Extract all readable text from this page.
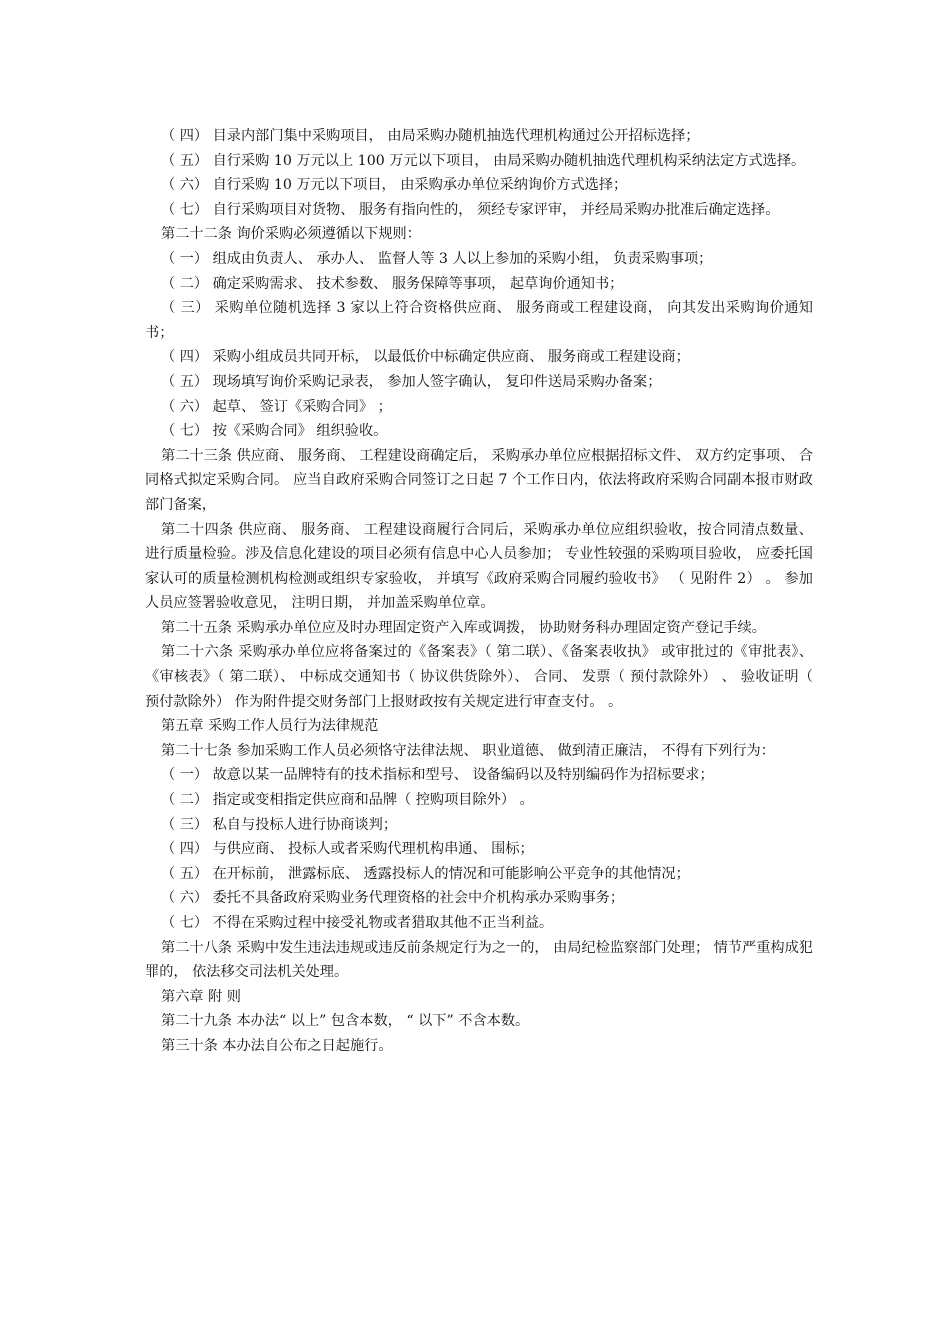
（ 四） 目录内部门集中采购项目， 由局采购办随机抽选代理机构通过公开招标选择；

（ 五） 自行采购 10 万元以上 100 万元以下项目， 由局采购办随机抽选代理机构采纳法定方式选择。

（ 六） 自行采购 10 万元以下项目， 由采购承办单位采纳询价方式选择；

（ 七） 自行采购项目对货物、 服务有指向性的， 须经专家评审， 并经局采购办批准后确定选择。

第二十二条 询价采购必须遵循以下规则：

（ 一） 组成由负责人、 承办人、 监督人等 3 人以上参加的采购小组， 负责采购事项；

（ 二） 确定采购需求、 技术参数、 服务保障等事项， 起草询价通知书；

（ 三） 采购单位随机选择 3 家以上符合资格供应商、 服务商或工程建设商， 向其发出采购询价通知书；

（ 四） 采购小组成员共同开标， 以最低价中标确定供应商、 服务商或工程建设商；

（ 五） 现场填写询价采购记录表， 参加人签字确认， 复印件送局采购办备案；

（ 六） 起草、 签订《采购合同》 ；

（ 七） 按《采购合同》 组织验收。

第二十三条 供应商、 服务商、 工程建设商确定后， 采购承办单位应根据招标文件、 双方约定事项、 合同格式拟定采购合同。 应当自政府采购合同签订之日起 7 个工作日内，依法将政府采购合同副本报市财政部门备案，

第二十四条 供应商、 服务商、 工程建设商履行合同后，采购承办单位应组织验收，按合同清点数量、 进行质量检验。涉及信息化建设的项目必须有信息中心人员参加； 专业性较强的采购项目验收， 应委托国家认可的质量检测机构检测或组织专家验收， 并填写《政府采购合同履约验收书》 （ 见附件 2） 。 参加人员应签署验收意见， 注明日期， 并加盖采购单位章。

第二十五条 采购承办单位应及时办理固定资产入库或调拨， 协助财务科办理固定资产登记手续。

第二十六条 采购承办单位应将备案过的《备案表》（ 第二联）、《备案表收执》 或审批过的《审批表》、《审核表》（ 第二联）、 中标成交通知书（ 协议供货除外）、 合同、 发票（ 预付款除外） 、 验收证明（ 预付款除外） 作为附件提交财务部门上报财政按有关规定进行审查支付。 。

第五章 采购工作人员行为法律规范

第二十七条 参加采购工作人员必须恪守法律法规、 职业道德、 做到清正廉洁， 不得有下列行为：

（ 一） 故意以某一品牌特有的技术指标和型号、 设备编码以及特别编码作为招标要求；

（ 二） 指定或变相指定供应商和品牌（ 控购项目除外） 。

（ 三） 私自与投标人进行协商谈判；

（ 四） 与供应商、 投标人或者采购代理机构串通、 围标；

（ 五） 在开标前， 泄露标底、 透露投标人的情况和可能影响公平竞争的其他情况；

（ 六） 委托不具备政府采购业务代理资格的社会中介机构承办采购事务；

（ 七） 不得在采购过程中接受礼物或者猎取其他不正当利益。

第二十八条 采购中发生违法违规或违反前条规定行为之一的， 由局纪检监察部门处理； 情节严重构成犯罪的， 依法移交司法机关处理。

第六章 附 则

第二十九条 本办法“ 以上” 包含本数， “ 以下” 不含本数。

第三十条 本办法自公布之日起施行。
